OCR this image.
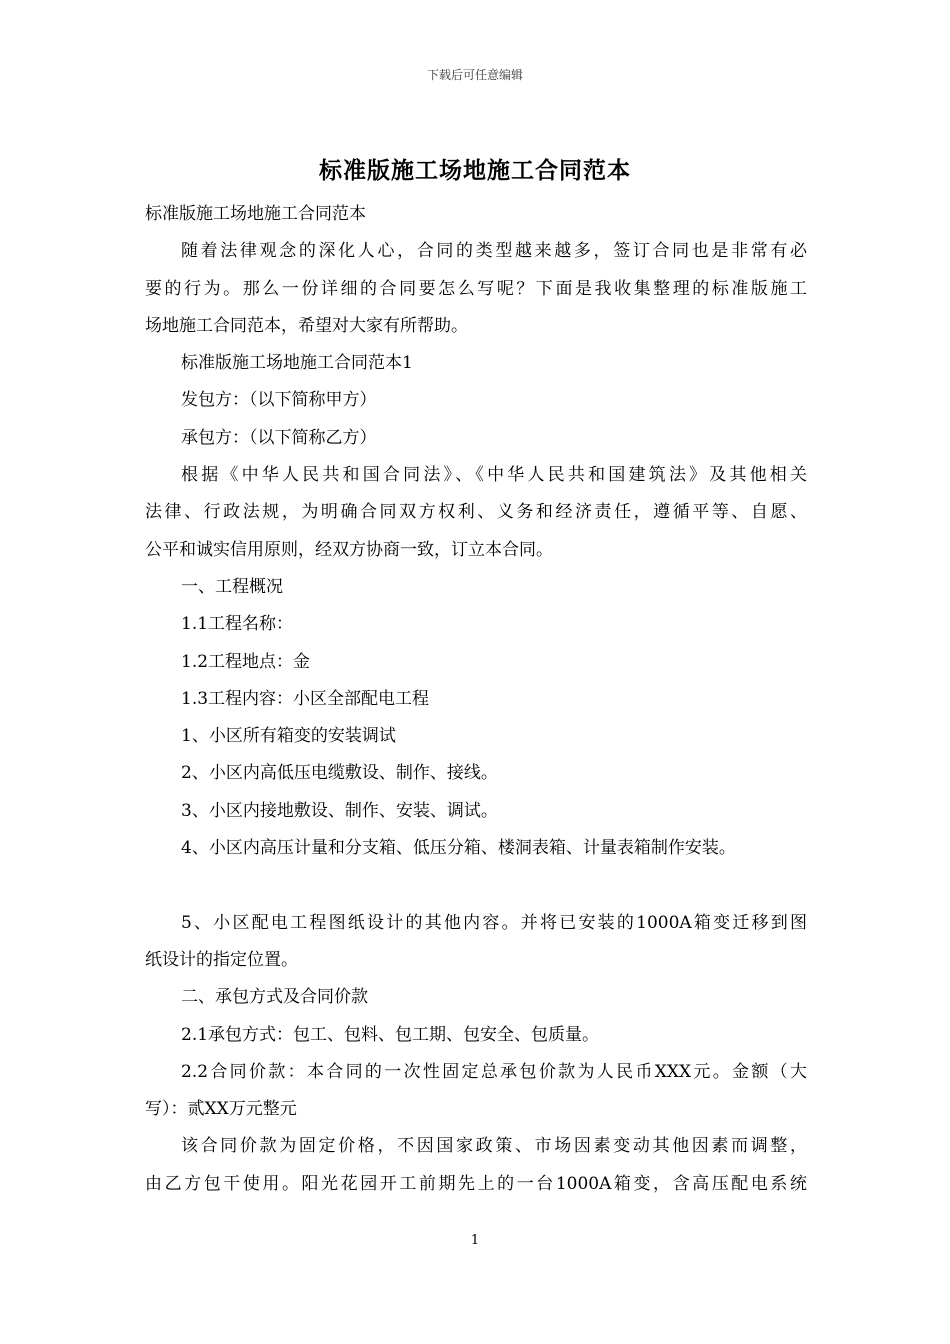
下载后可任意编辑
标准版施工场地施工合同范本
标准版施工场地施工合同范本
随着法律观念的深化人心，合同的类型越来越多，签订合同也是非常有必
要的行为。那么一份详细的合同要怎么写呢？下面是我收集整理的标准版施工
场地施工合同范本，希望对大家有所帮助。
标准版施工场地施工合同范本1
发包方：（以下简称甲方）
承包方：（以下简称乙方）
根据《中华人民共和国合同法》、《中华人民共和国建筑法》及其他相关
法律、行政法规，为明确合同双方权利、义务和经济责任，遵循平等、自愿、
公平和诚实信用原则，经双方协商一致，订立本合同。
一、工程概况
1.1工程名称：
1.2工程地点：金
1.3工程内容：小区全部配电工程
1、小区所有箱变的安装调试
2、小区内高低压电缆敷设、制作、接线。
3、小区内接地敷设、制作、安装、调试。
4、小区内高压计量和分支箱、低压分箱、楼洞表箱、计量表箱制作安装。
5、小区配电工程图纸设计的其他内容。并将已安装的1000A箱变迁移到图
纸设计的指定位置。
二、承包方式及合同价款
2.1承包方式：包工、包料、包工期、包安全、包质量。
2.2合同价款：本合同的一次性固定总承包价款为人民币XXX元。金额（大
写）：贰XX万元整元
该合同价款为固定价格，不因国家政策、市场因素变动其他因素而调整，
由乙方包干使用。阳光花园开工前期先上的一台1000A箱变，含高压配电系统
1
